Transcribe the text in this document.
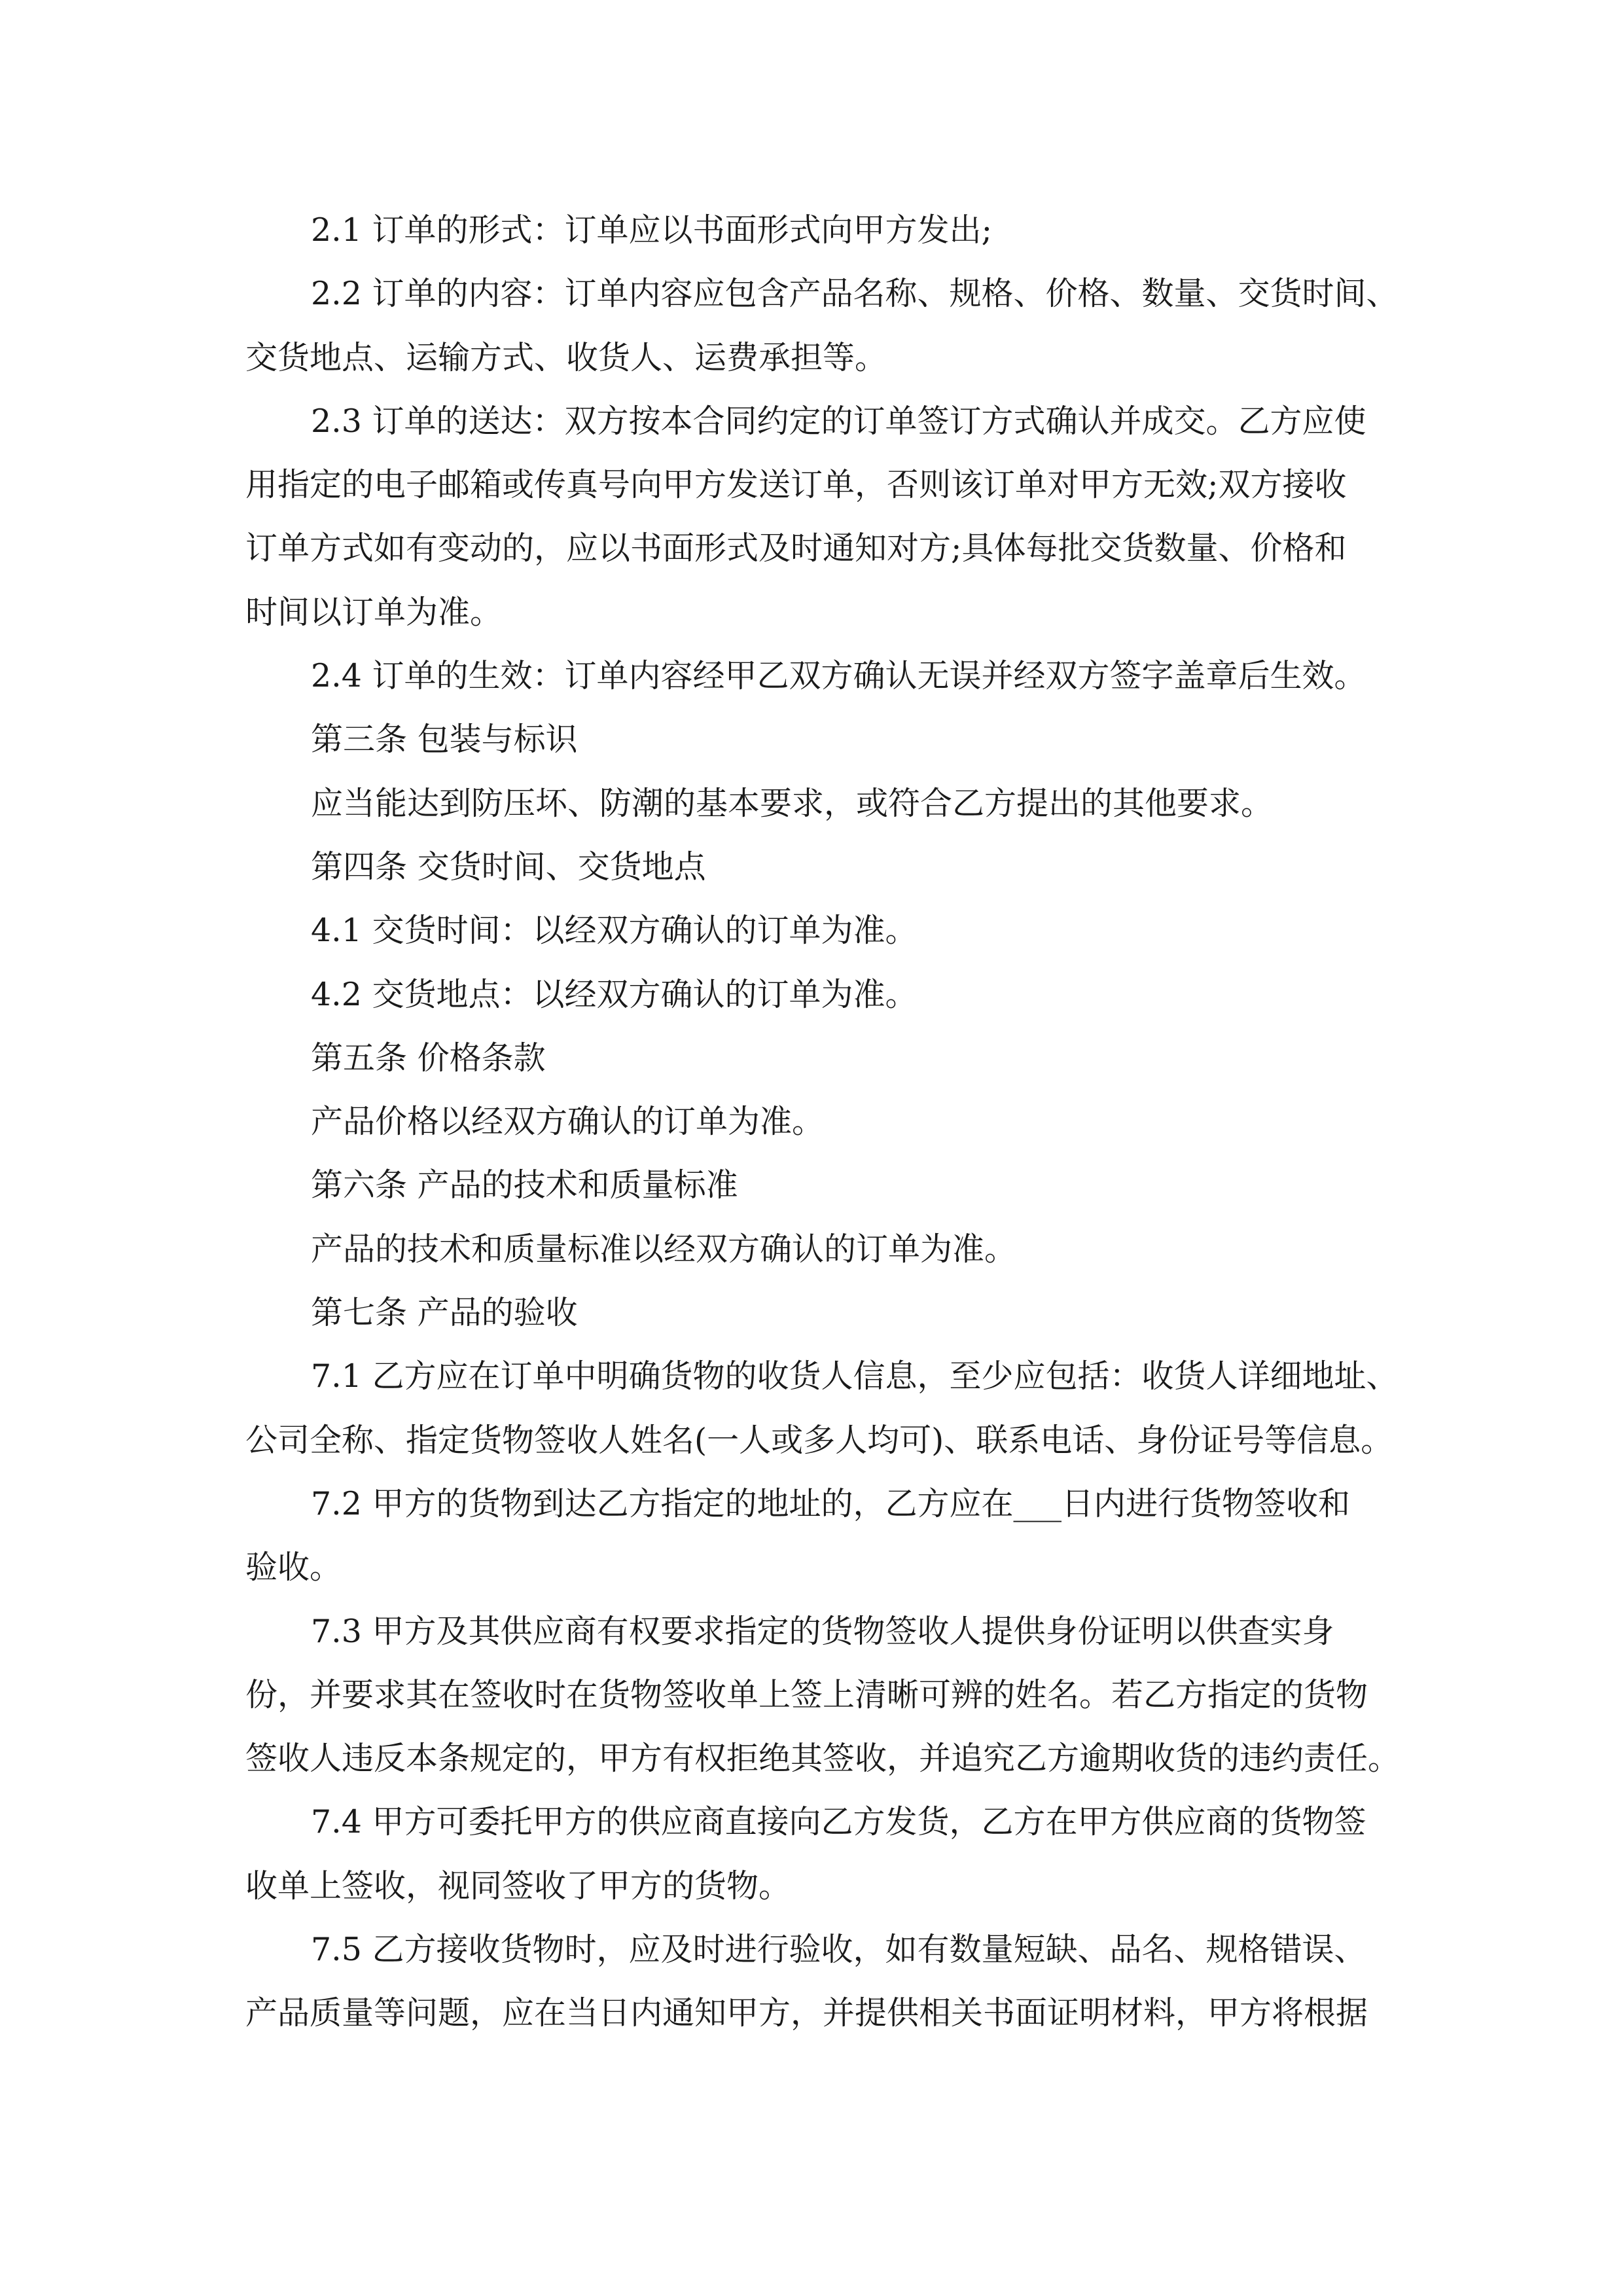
2.1 订单的形式：订单应以书面形式向甲方发出;
2.2 订单的内容：订单内容应包含产品名称、规格、价格、数量、交货时间、
交货地点、运输方式、收货人、运费承担等。
2.3 订单的送达：双方按本合同约定的订单签订方式确认并成交。乙方应使
用指定的电子邮箱或传真号向甲方发送订单，否则该订单对甲方无效;双方接收
订单方式如有变动的，应以书面形式及时通知对方;具体每批交货数量、价格和
时间以订单为准。
2.4 订单的生效：订单内容经甲乙双方确认无误并经双方签字盖章后生效。
第三条 包装与标识
应当能达到防压坏、防潮的基本要求，或符合乙方提出的其他要求。
第四条 交货时间、交货地点
4.1 交货时间：以经双方确认的订单为准。
4.2 交货地点：以经双方确认的订单为准。
第五条 价格条款
产品价格以经双方确认的订单为准。
第六条 产品的技术和质量标准
产品的技术和质量标准以经双方确认的订单为准。
第七条 产品的验收
7.1 乙方应在订单中明确货物的收货人信息，至少应包括：收货人详细地址、
公司全称、指定货物签收人姓名(一人或多人均可)、联系电话、身份证号等信息。
7.2 甲方的货物到达乙方指定的地址的，乙方应在___日内进行货物签收和
验收。
7.3 甲方及其供应商有权要求指定的货物签收人提供身份证明以供查实身
份，并要求其在签收时在货物签收单上签上清晰可辨的姓名。若乙方指定的货物
签收人违反本条规定的，甲方有权拒绝其签收，并追究乙方逾期收货的违约责任。
7.4 甲方可委托甲方的供应商直接向乙方发货，乙方在甲方供应商的货物签
收单上签收，视同签收了甲方的货物。
7.5 乙方接收货物时，应及时进行验收，如有数量短缺、品名、规格错误、
产品质量等问题，应在当日内通知甲方，并提供相关书面证明材料，甲方将根据
